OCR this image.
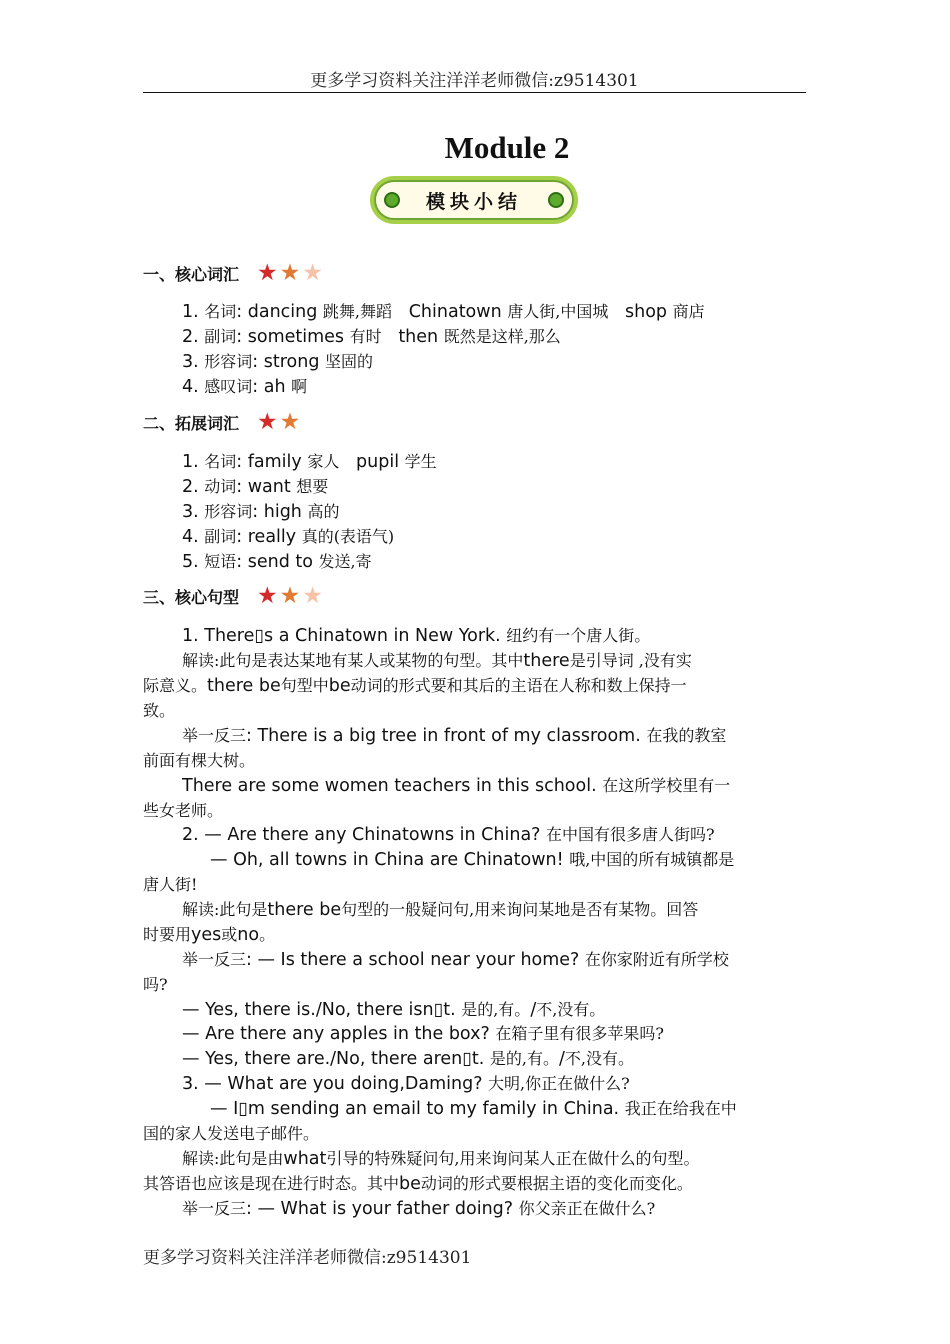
更多学习资料关注洋洋老师微信:z9514301
Module 2
模块小结
一、核心词汇 ★ ★ ★
二、拓展词汇 ★ ★
三、核心句型 ★ ★ ★
1. 名词: dancing 跳舞,舞蹈   Chinatown 唐人街,中国城   shop 商店
2. 副词: sometimes 有时   then 既然是这样,那么
3. 形容词: strong 坚固的
4. 感叹词: ah 啊
1. 名词: family 家人   pupil 学生
2. 动词: want 想要
3. 形容词: high 高的
4. 副词: really 真的(表语气)
5. 短语: send to 发送,寄
1. There▯s a Chinatown in New York. 纽约有一个唐人街。
解读:此句是表达某地有某人或某物的句型。其中there是引导词 ,没有实
际意义。there be句型中be动词的形式要和其后的主语在人称和数上保持一
致。
举一反三: There is a big tree in front of my classroom. 在我的教室
前面有棵大树。
There are some women teachers in this school. 在这所学校里有一
些女老师。
2. — Are there any Chinatowns in China? 在中国有很多唐人街吗?
— Oh, all towns in China are Chinatown! 哦,中国的所有城镇都是
唐人街!
解读:此句是there be句型的一般疑问句,用来询问某地是否有某物。回答
时要用yes或no。
举一反三: — Is there a school near your home? 在你家附近有所学校
吗?
— Yes, there is./No, there isn▯t. 是的,有。/不,没有。
— Are there any apples in the box? 在箱子里有很多苹果吗?
— Yes, there are./No, there aren▯t. 是的,有。/不,没有。
3. — What are you doing,Daming? 大明,你正在做什么?
— I▯m sending an email to my family in China. 我正在给我在中
国的家人发送电子邮件。
解读:此句是由what引导的特殊疑问句,用来询问某人正在做什么的句型。
其答语也应该是现在进行时态。其中be动词的形式要根据主语的变化而变化。
举一反三: — What is your father doing? 你父亲正在做什么?
更多学习资料关注洋洋老师微信:z9514301
